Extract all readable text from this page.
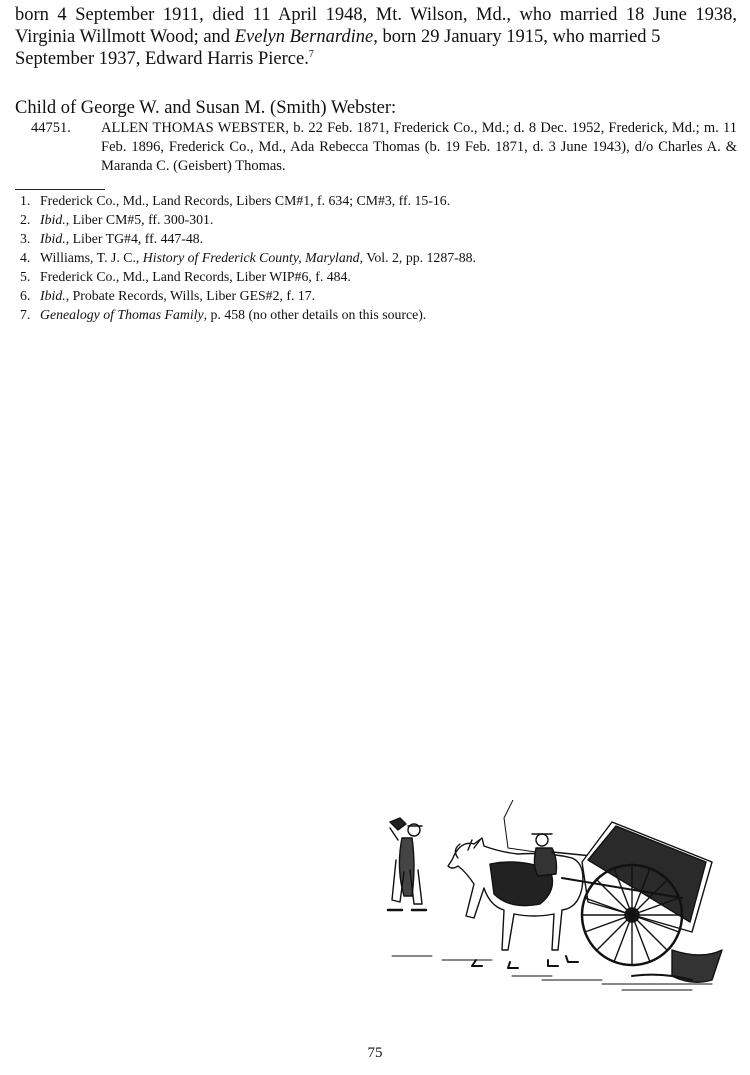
born 4 September 1911, died 11 April 1948, Mt. Wilson, Md., who married 18 June 1938, Virginia Willmott Wood; and Evelyn Bernardine, born 29 January 1915, who married 5

September 1937, Edward Harris Pierce.$^7$

Child of George W. and Susan M. (Smith) Webster:
44751. ALLEN THOMAS WEBSTER, b. 22 Feb. 1871, Frederick Co., Md.; d. 8 Dec. 1952, Frederick, Md.; m. 11 Feb. 1896, Frederick Co., Md., Ada Rebecca Thomas (b. 19 Feb. 1871, d. 3 June 1943), d/o Charles A. & Maranda C. (Geisbert) Thomas.
1. Frederick Co., Md., Land Records, Libers CM#1, f. 634; CM#3, ff. 15-16.
2. Ibid., Liber CM#5, ff. 300-301.
3. Ibid., Liber TG#4, ff. 447-48.
4. Williams, T. J. C., History of Frederick County, Maryland, Vol. 2, pp. 1287-88.
5. Frederick Co., Md., Land Records, Liber WIP#6, f. 484.
6. Ibid., Probate Records, Wills, Liber GES#2, f. 17.
7. Genealogy of Thomas Family, p. 458 (no other details on this source).
75
